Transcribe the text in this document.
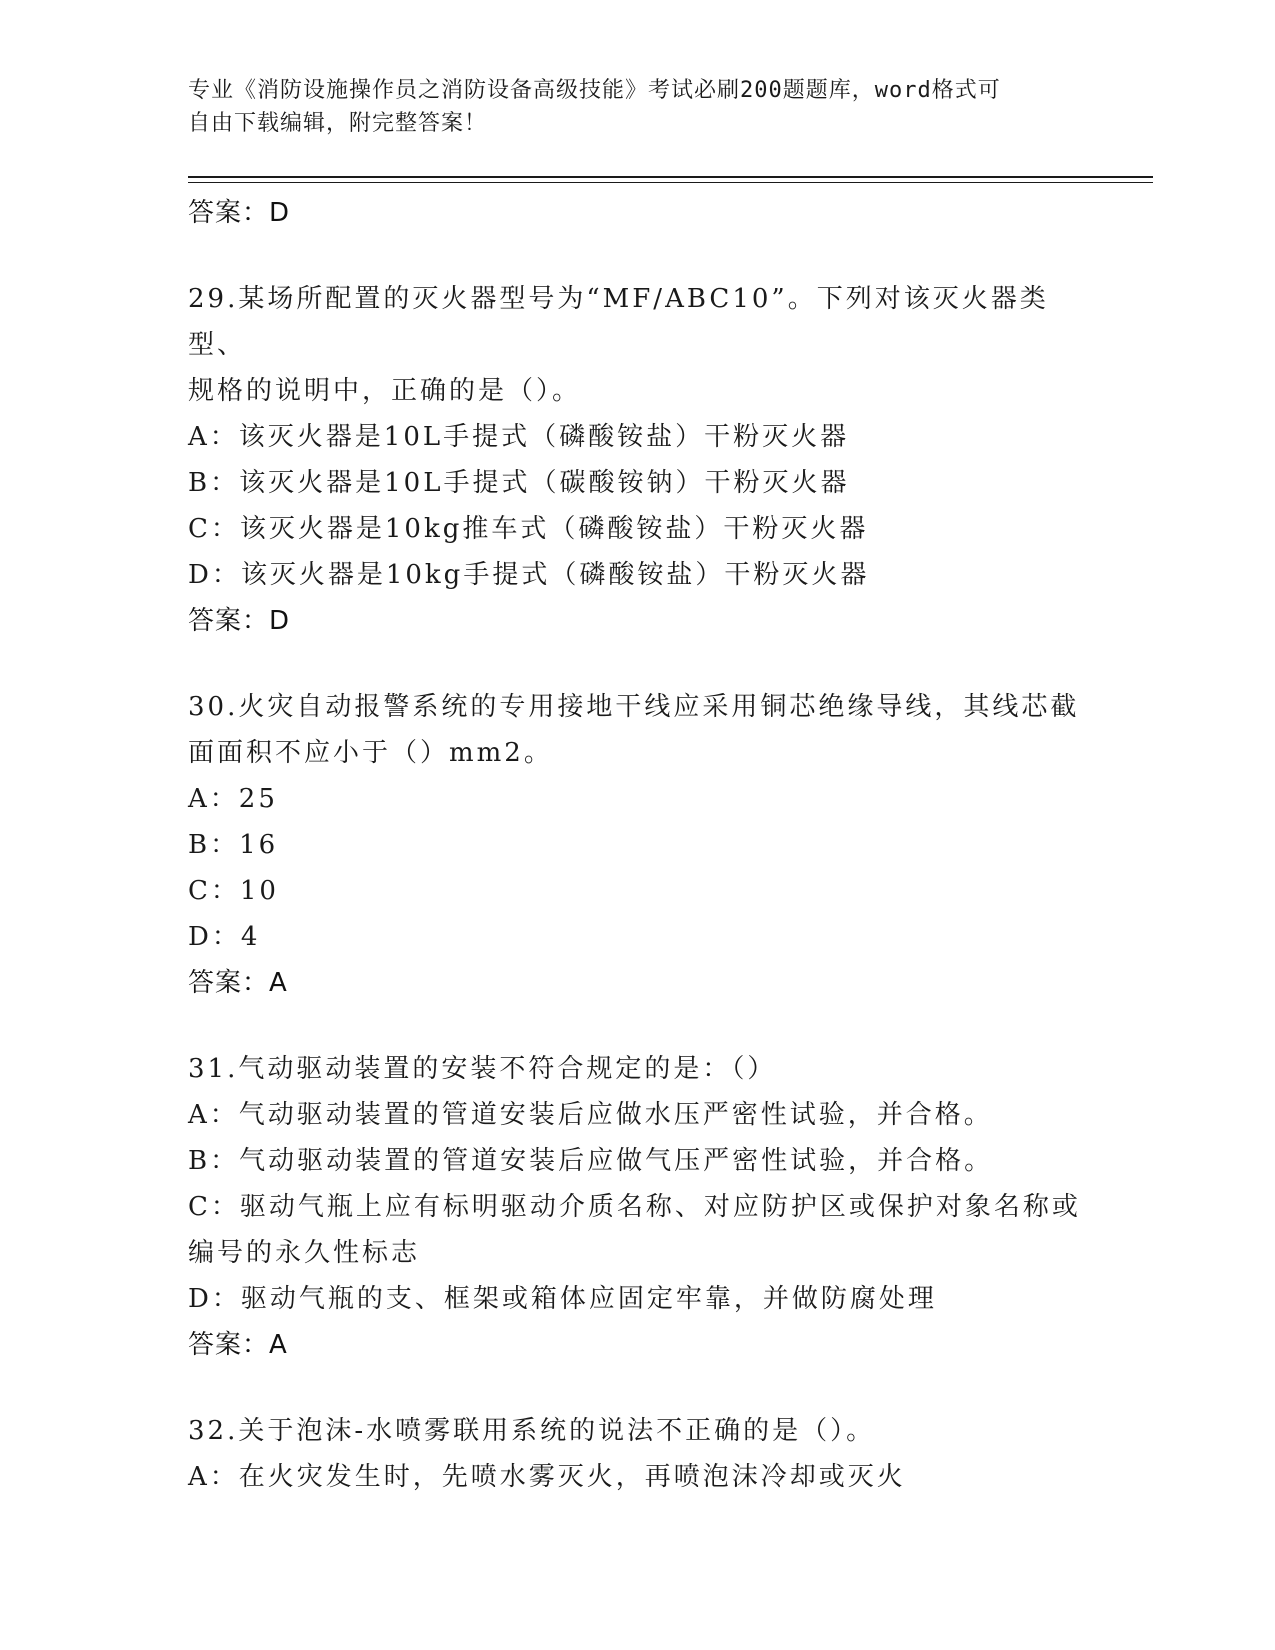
专业《消防设施操作员之消防设备高级技能》考试必刷200题题库，word格式可
自由下载编辑，附完整答案！

答案：D

29.某场所配置的灭火器型号为“MF/ABC10”。下列对该灭火器类型、

规格的说明中，正确的是（）。

A：该灭火器是10L手提式（磷酸铵盐）干粉灭火器

B：该灭火器是10L手提式（碳酸铵钠）干粉灭火器

C：该灭火器是10kg推车式（磷酸铵盐）干粉灭火器

D：该灭火器是10kg手提式（磷酸铵盐）干粉灭火器

答案：D

30.火灾自动报警系统的专用接地干线应采用铜芯绝缘导线，其线芯截

面面积不应小于（）mm2。

A：25

B：16

C：10

D：4

答案：A

31.气动驱动装置的安装不符合规定的是：（）

A：气动驱动装置的管道安装后应做水压严密性试验，并合格。

B：气动驱动装置的管道安装后应做气压严密性试验，并合格。

C：驱动气瓶上应有标明驱动介质名称、对应防护区或保护对象名称或

编号的永久性标志

D：驱动气瓶的支、框架或箱体应固定牢靠，并做防腐处理

答案：A

32.关于泡沫-水喷雾联用系统的说法不正确的是（）。

A：在火灾发生时，先喷水雾灭火，再喷泡沫冷却或灭火
